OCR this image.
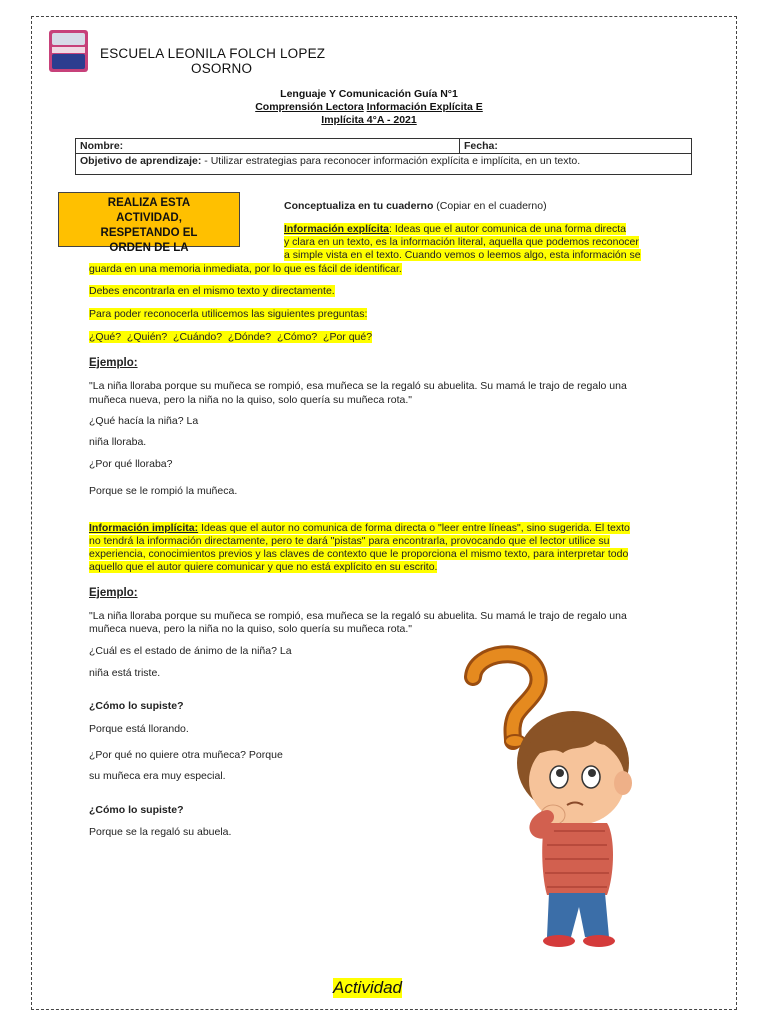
ESCUELA LEONILA FOLCH LOPEZ
OSORNO
Lenguaje Y Comunicación Guía N°1
Comprensión Lectora Información Explícita E
Implícita 4°A - 2021
Nombre:	Fecha:
Objetivo de aprendizaje: - Utilizar estrategias para reconocer información explícita e implícita, en un texto.
REALIZA ESTA ACTIVIDAD, RESPETANDO EL ORDEN DE LA
Conceptualiza en tu cuaderno (Copiar en el cuaderno)
Información explícita: Ideas que el autor comunica de una forma directa
y clara en un texto, es la información literal, aquella que podemos reconocer
a simple vista en el texto. Cuando vemos o leemos algo, esta información se
guarda en una memoria inmediata, por lo que es fácil de identificar.
Debes encontrarla en el mismo texto y directamente.
Para poder reconocerla utilicemos las siguientes preguntas:
¿Qué?  ¿Quién?  ¿Cuándo?  ¿Dónde?  ¿Cómo?  ¿Por qué?
Ejemplo:
"La niña lloraba porque su muñeca se rompió, esa muñeca se la regaló su abuelita. Su mamá le trajo de regalo una
muñeca nueva, pero la niña no la quiso, solo quería su muñeca rota."
¿Qué hacía la niña? La
niña lloraba.
¿Por qué lloraba?
Porque se le rompió la muñeca.
Información implícita: Ideas que el autor no comunica de forma directa o "leer entre líneas", sino sugerida. El texto
no tendrá la información directamente, pero te dará "pistas" para encontrarla, provocando que el lector utilice su
experiencia, conocimientos previos y las claves de contexto que le proporciona el mismo texto, para interpretar todo
aquello que el autor quiere comunicar y que no está explícito en su escrito.
Ejemplo:
"La niña lloraba porque su muñeca se rompió, esa muñeca se la regaló su abuelita. Su mamá le trajo de regalo una
muñeca nueva, pero la niña no la quiso, solo quería su muñeca rota."
¿Cuál es el estado de ánimo de la niña? La
niña está triste.
¿Cómo lo supiste?
Porque está llorando.
¿Por qué no quiere otra muñeca? Porque
su muñeca era muy especial.
¿Cómo lo supiste?
Porque se la regaló su abuela.
Actividad
